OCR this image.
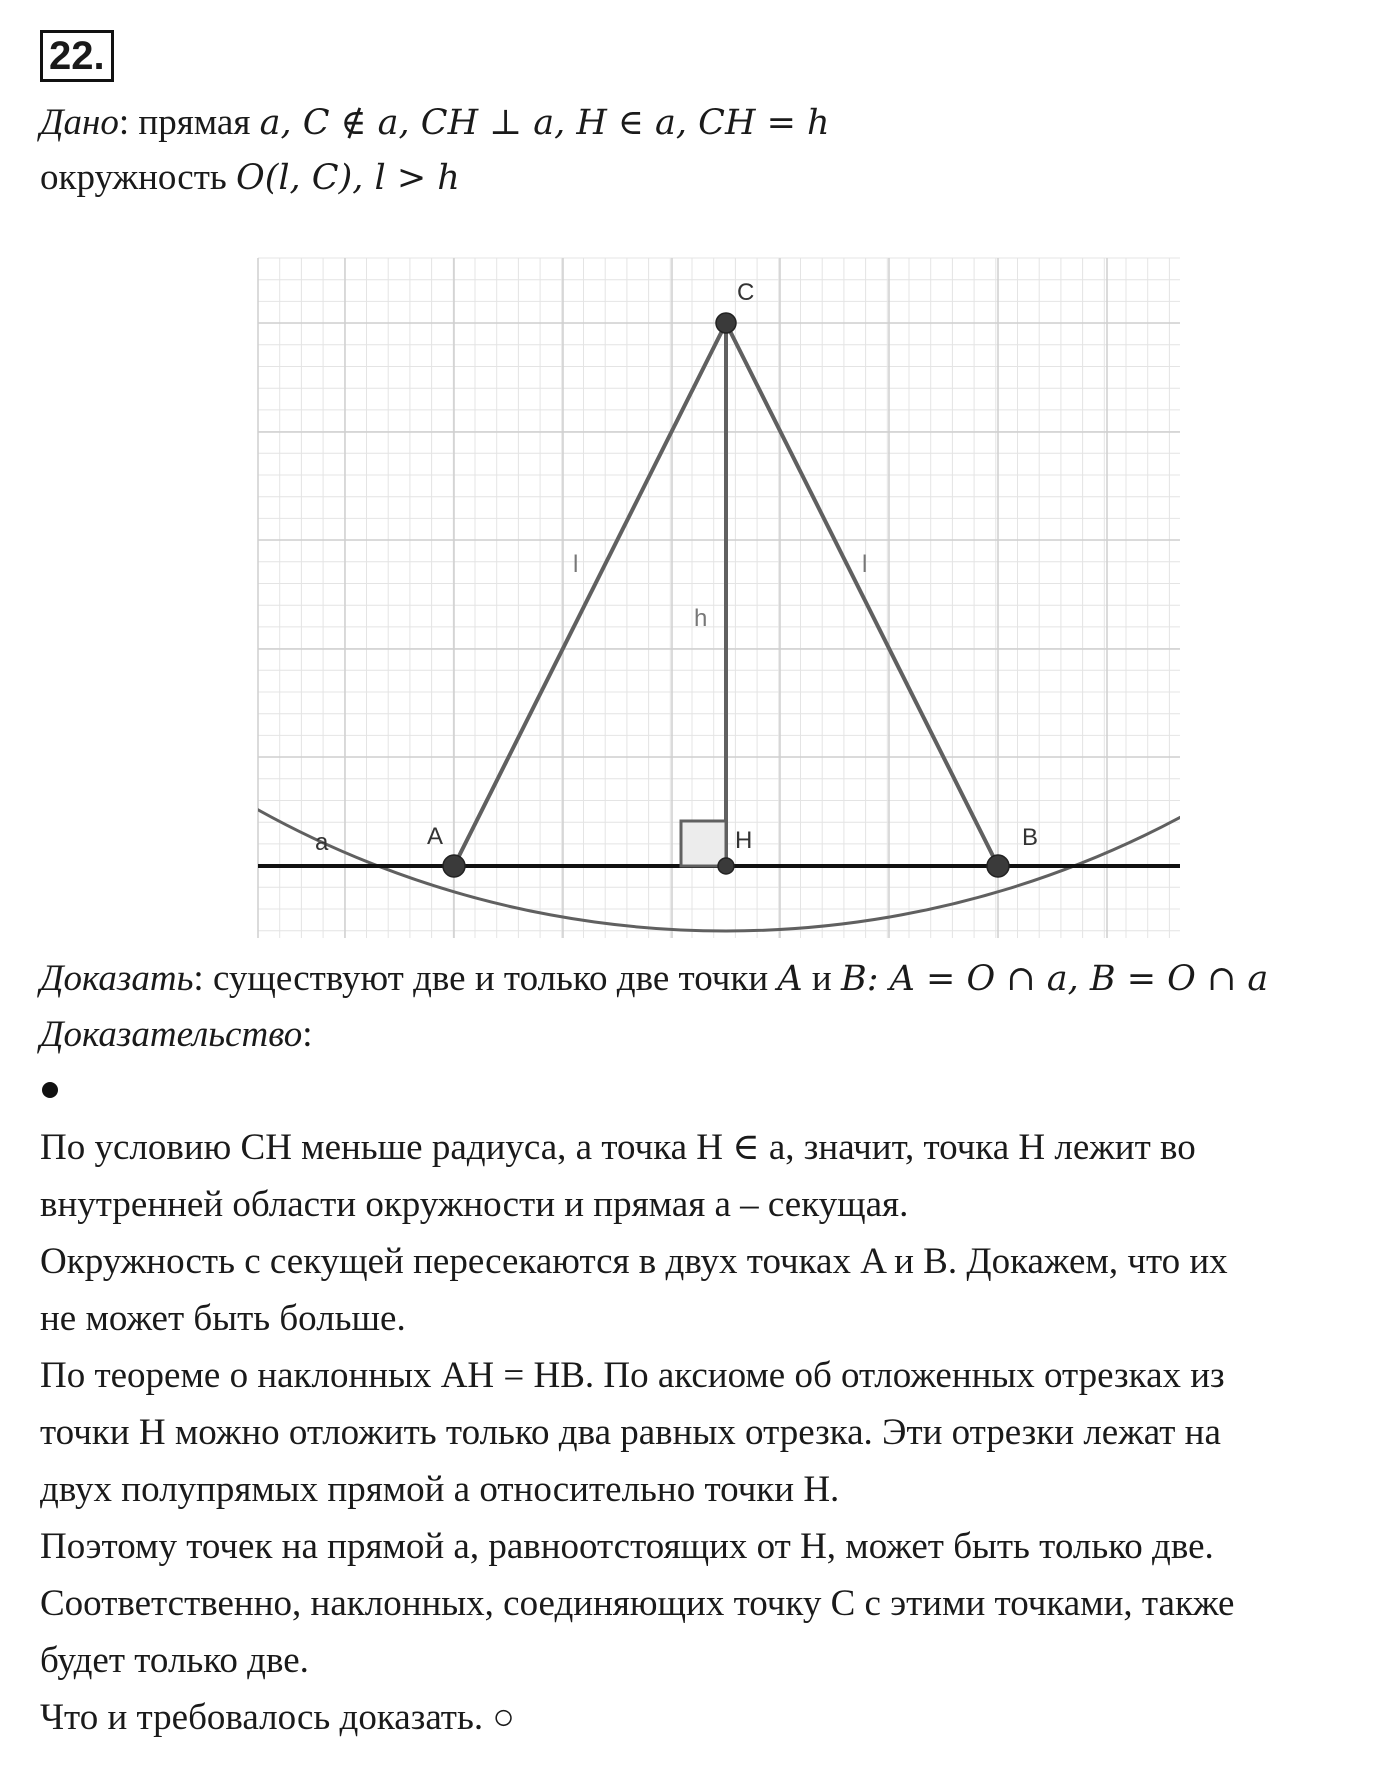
22.
Дано: прямая a, C ∉ a, CH ⊥ a, H ∈ a, CH = h
окружность O(l, C), l > h
C
A	B
H
a
l	l
h
Доказать: существуют две и только две точки A и B: A = O ∩ a, B = O ∩ a
Доказательство:
По условию CH меньше радиуса, а точка H ∈ a, значит, точка H лежит во
внутренней области окружности и прямая a – секущая.
Окружность с секущей пересекаются в двух точках A и B. Докажем, что их
не может быть больше.
По теореме о наклонных AH = HB. По аксиоме об отложенных отрезках из
точки H можно отложить только два равных отрезка. Эти отрезки лежат на
двух полупрямых прямой a относительно точки H.
Поэтому точек на прямой a, равноотстоящих от H, может быть только две.
Соответственно, наклонных, соединяющих точку C с этими точками, также
будет только две.
Что и требовалось доказать. ○
